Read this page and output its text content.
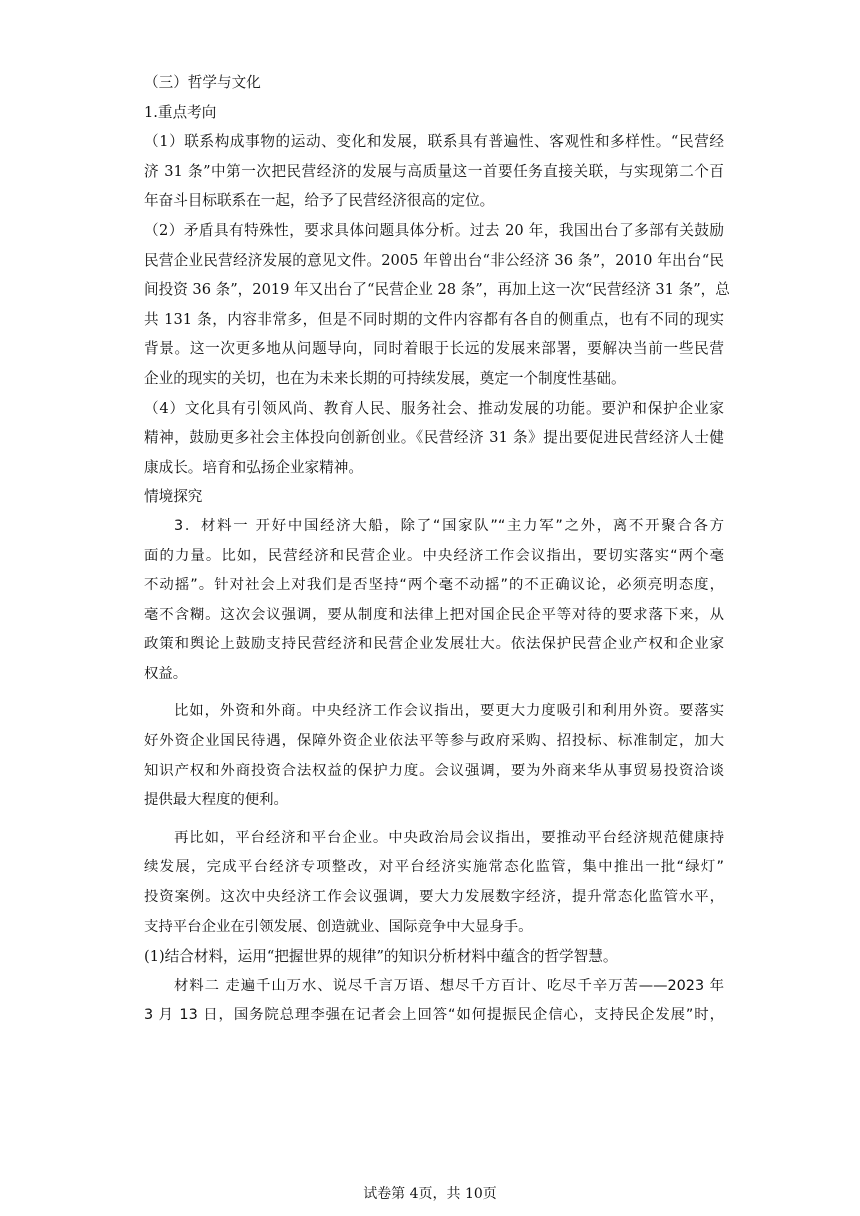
（三）哲学与文化
1.重点考向
（1）联系构成事物的运动、变化和发展，联系具有普遍性、客观性和多样性。“民营经
济 31 条”中第一次把民营经济的发展与高质量这一首要任务直接关联，与实现第二个百
年奋斗目标联系在一起，给予了民营经济很高的定位。
（2）矛盾具有特殊性，要求具体问题具体分析。过去 20 年，我国出台了多部有关鼓励
民营企业民营经济发展的意见文件。2005 年曾出台“非公经济 36 条”，2010 年出台“民
间投资 36 条”，2019 年又出台了“民营企业 28 条”，再加上这一次“民营经济 31 条”，总
共 131 条，内容非常多，但是不同时期的文件内容都有各自的侧重点，也有不同的现实
背景。这一次更多地从问题导向，同时着眼于长远的发展来部署，要解决当前一些民营
企业的现实的关切，也在为未来长期的可持续发展，奠定一个制度性基础。
（4）文化具有引领风尚、教育人民、服务社会、推动发展的功能。要沪和保护企业家
精神，鼓励更多社会主体投向创新创业。《民营经济 31 条》提出要促进民营经济人士健
康成长。培育和弘扬企业家精神。
情境探究
3．材料一 开好中国经济大船，除了“国家队”“主力军”之外，离不开聚合各方
面的力量。比如，民营经济和民营企业。中央经济工作会议指出，要切实落实“两个毫
不动摇”。针对社会上对我们是否坚持“两个毫不动摇”的不正确议论，必须亮明态度，
毫不含糊。这次会议强调，要从制度和法律上把对国企民企平等对待的要求落下来，从
政策和舆论上鼓励支持民营经济和民营企业发展壮大。依法保护民营企业产权和企业家
权益。
比如，外资和外商。中央经济工作会议指出，要更大力度吸引和利用外资。要落实
好外资企业国民待遇，保障外资企业依法平等参与政府采购、招投标、标准制定，加大
知识产权和外商投资合法权益的保护力度。会议强调，要为外商来华从事贸易投资洽谈
提供最大程度的便利。
再比如，平台经济和平台企业。中央政治局会议指出，要推动平台经济规范健康持
续发展，完成平台经济专项整改，对平台经济实施常态化监管，集中推出一批“绿灯”
投资案例。这次中央经济工作会议强调，要大力发展数字经济，提升常态化监管水平，
支持平台企业在引领发展、创造就业、国际竞争中大显身手。
(1)结合材料，运用“把握世界的规律”的知识分析材料中蕴含的哲学智慧。
材料二 走遍千山万水、说尽千言万语、想尽千方百计、吃尽千辛万苦——2023 年
3 月 13 日，国务院总理李强在记者会上回答“如何提振民企信心，支持民企发展”时，
试卷第 4页，共 10页
